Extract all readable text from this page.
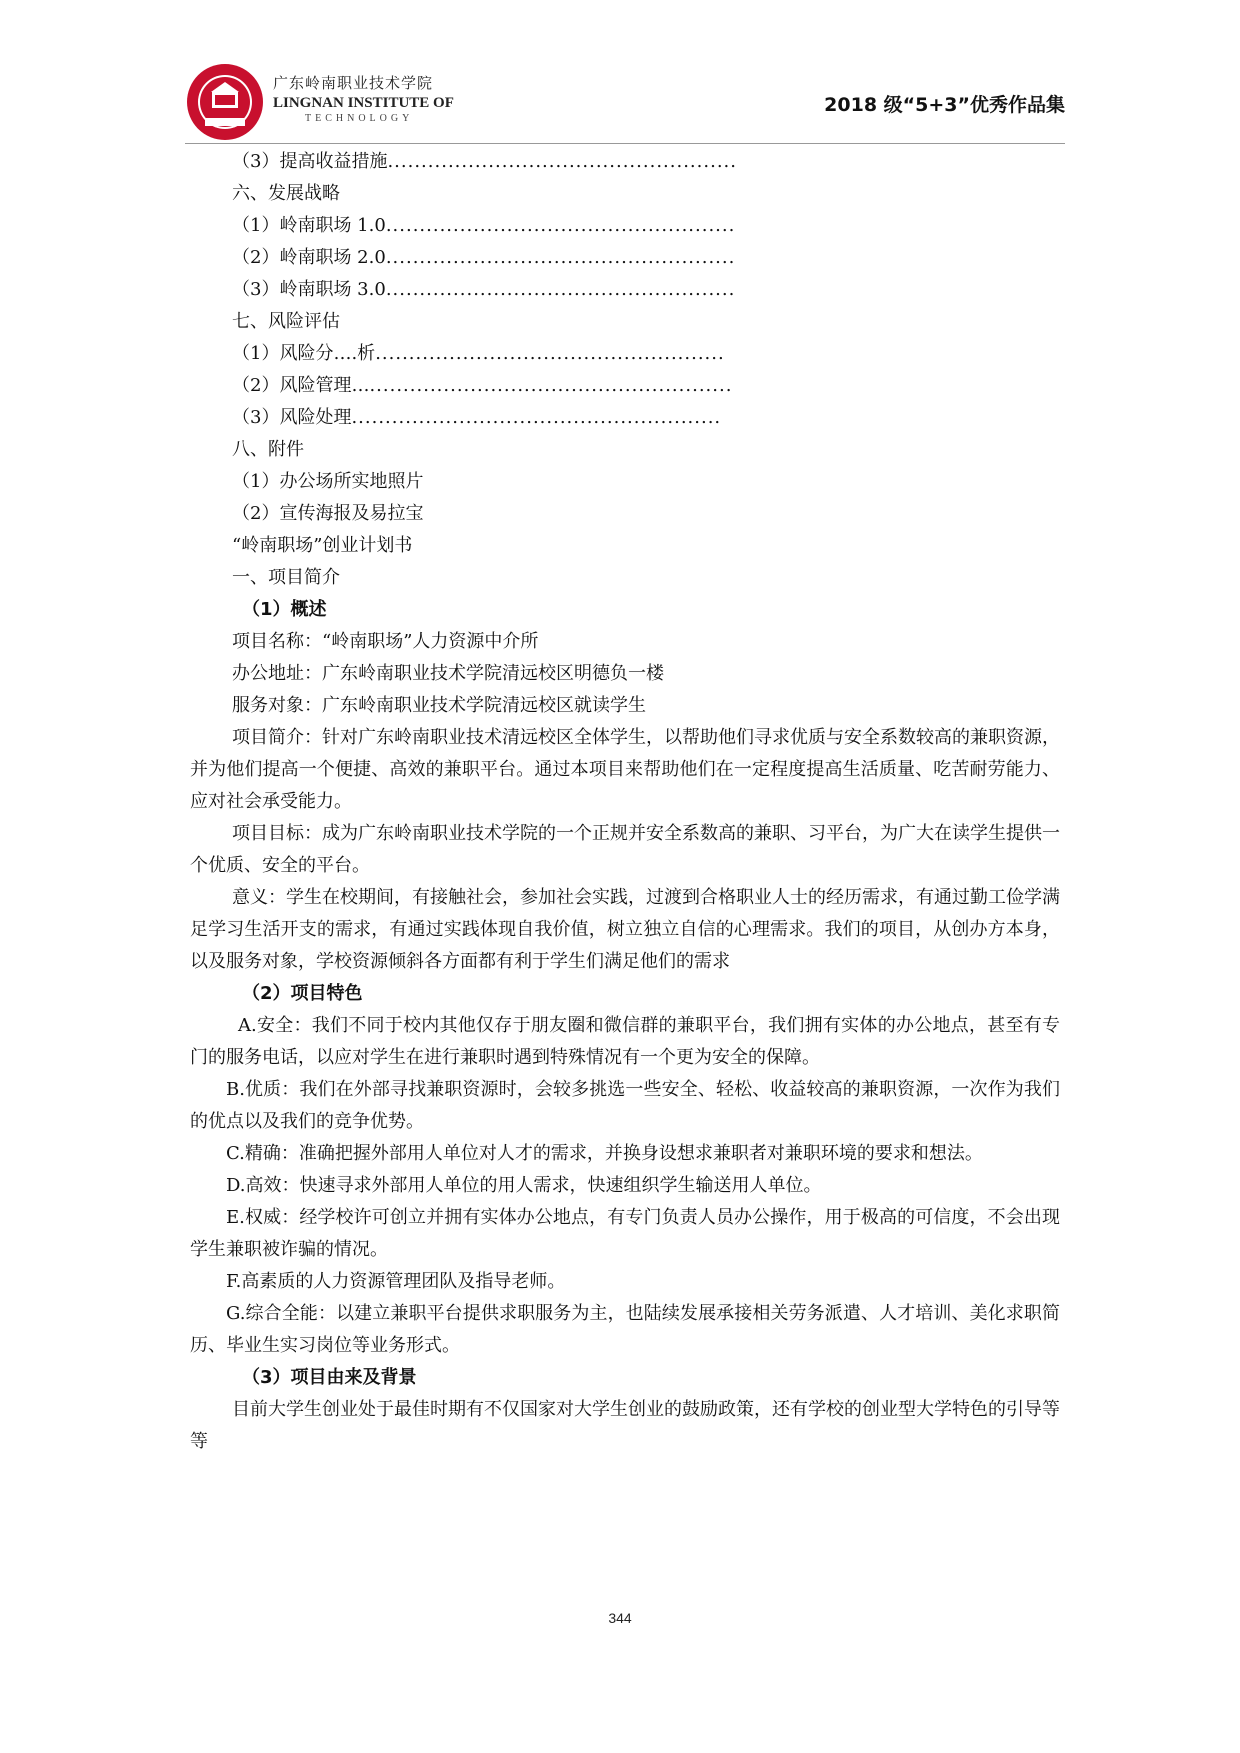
广东岭南职业技术学院
LINGNAN INSTITUTE OF
TECHNOLOGY
2018 级“5+3”优秀作品集
（3）提高收益措施....................................................
六、发展战略
（1）岭南职场 1.0....................................................
（2）岭南职场 2.0....................................................
（3）岭南职场 3.0....................................................
七、风险评估
（1）风险分….析....................................................
（2）风险管理…......................................................
（3）风险处理.......................................................
八、附件
（1）办公场所实地照片
（2）宣传海报及易拉宝
“岭南职场”创业计划书
一、项目简介
（1）概述
项目名称：“岭南职场”人力资源中介所
办公地址：广东岭南职业技术学院清远校区明德负一楼
服务对象：广东岭南职业技术学院清远校区就读学生

项目简介：针对广东岭南职业技术清远校区全体学生，以帮助他们寻求优质与安全系数较高的兼职资源，并为他们提高一个便捷、高效的兼职平台。通过本项目来帮助他们在一定程度提高生活质量、吃苦耐劳能力、应对社会承受能力。

项目目标：成为广东岭南职业技术学院的一个正规并安全系数高的兼职、习平台，为广大在读学生提供一个优质、安全的平台。

意义：学生在校期间，有接触社会，参加社会实践，过渡到合格职业人士的经历需求，有通过勤工俭学满足学习生活开支的需求，有通过实践体现自我价值，树立独立自信的心理需求。我们的项目，从创办方本身，以及服务对象，学校资源倾斜各方面都有利于学生们满足他们的需求

（2）项目特色

A.安全：我们不同于校内其他仅存于朋友圈和微信群的兼职平台，我们拥有实体的办公地点，甚至有专门的服务电话，以应对学生在进行兼职时遇到特殊情况有一个更为安全的保障。

B.优质：我们在外部寻找兼职资源时，会较多挑选一些安全、轻松、收益较高的兼职资源，一次作为我们的优点以及我们的竞争优势。

C.精确：准确把握外部用人单位对人才的需求，并换身设想求兼职者对兼职环境的要求和想法。

D.高效：快速寻求外部用人单位的用人需求，快速组织学生输送用人单位。

E.权威：经学校许可创立并拥有实体办公地点，有专门负责人员办公操作，用于极高的可信度，不会出现学生兼职被诈骗的情况。

F.高素质的人力资源管理团队及指导老师。

G.综合全能：以建立兼职平台提供求职服务为主，也陆续发展承接相关劳务派遣、人才培训、美化求职简历、毕业生实习岗位等业务形式。

（3）项目由来及背景

目前大学生创业处于最佳时期有不仅国家对大学生创业的鼓励政策，还有学校的创业型大学特色的引导等等

344
